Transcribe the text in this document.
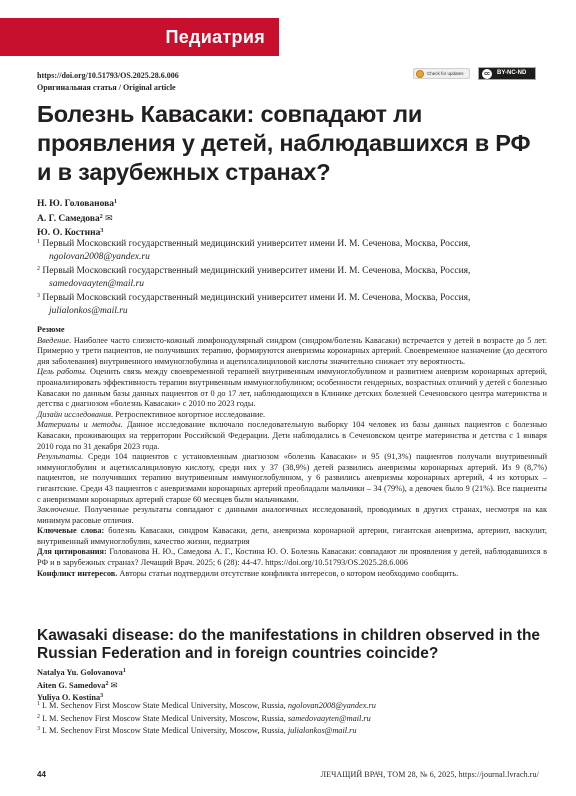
Педиатрия
https://doi.org/10.51793/OS.2025.28.6.006
Оригинальная статья / Original article
Check for updates	cc	BY-NC-ND
Болезнь Кавасаки: совпадают ли проявления у детей, наблюдавшихся в РФ и в зарубежных странах?
Н. Ю. Голованова$^1$
А. Г. Самедова$^2$ ✉
Ю. О. Костина$^3$
$^1$ Первый Московский государственный медицинский университет имени И. М. Сеченова, Москва, Россия,
ngolovan2008@yandex.ru
$^2$ Первый Московский государственный медицинский университет имени И. М. Сеченова, Москва, Россия,
samedovaayten@mail.ru
$^3$ Первый Московский государственный медицинский университет имени И. М. Сеченова, Москва, Россия,
julialonkos@mail.ru

Резюме

Введение. Наиболее часто слизисто-кожный лимфонодулярный синдром (синдром/болезнь Кавасаки) встречается у детей в возрасте до 5 лет. Примерно у трети пациентов, не получивших терапию, формируются аневризмы коронарных артерий. Своевременное назначение (до десятого дня заболевания) внутривенного иммуноглобулина и ацетилсалициловой кислоты значительно снижает эту вероятность.

Цель работы. Оценить связь между своевременной терапией внутривенным иммуноглобулином и развитием аневризм коронарных артерий, проанализировать эффективность терапии внутривенным иммуноглобулином; особенности гендерных, возрастных отличий у детей с болезнью Кавасаки по данным базы данных пациентов от 0 до 17 лет, наблюдающихся в Клинике детских болезней Сеченовского центра материнства и детства с диагнозом «болезнь Кавасаки» с 2010 по 2023 годы.

Дизайн исследования. Ретроспективное когортное исследование.

Материалы и методы. Данное исследование включало последовательную выборку 104 человек из базы данных пациентов с болезнью Кавасаки, проживающих на территории Российской Федерации. Дети наблюдались в Сеченовском центре материнства и детства с 1 января 2010 года по 31 декабря 2023 года.

Результаты. Среди 104 пациентов с установленным диагнозом «болезнь Кавасаки» и 95 (91,3%) пациентов получали внутривенный иммуноглобулин и ацетилсалициловую кислоту, среди них у 37 (38,9%) детей развились аневризмы коронарных артерий. Из 9 (8,7%) пациентов, не получивших терапию внутривенным иммуноглобулином, у 6 развились аневризмы коронарных артерий, 4 из которых – гигантские. Среди 43 пациентов с аневризмами коронарных артерий преобладали мальчики – 34 (79%), а девочек было 9 (21%). Все пациенты с аневризмами коронарных артерий старше 60 месяцев были мальчиками.

Заключение. Полученные результаты совпадают с данными аналогичных исследований, проводимых в других странах, несмотря на как минимум расовые отличия.

Ключевые слова: болезнь Кавасаки, синдром Кавасаки, дети, аневризма коронарной артерии, гигантская аневризма, артериит, васкулит, внутривенный иммуноглобулин, качество жизни, педиатрия

Для цитирования: Голованова Н. Ю., Самедова А. Г., Костина Ю. О. Болезнь Кавасаки: совпадают ли проявления у детей, наблюдавшихся в РФ и в зарубежных странах? Лечащий Врач. 2025; 6 (28): 44-47. https://doi.org/10.51793/OS.2025.28.6.006

Конфликт интересов. Авторы статьи подтвердили отсутствие конфликта интересов, о котором необходимо сообщить.

Kawasaki disease: do the manifestations in children observed in the Russian Federation and in foreign countries coincide?
Natalya Yu. Golovanova$^1$
Aiten G. Samedova$^2$ ✉
Yuliya O. Kostina$^3$
$^1$ I. M. Sechenov First Moscow State Medical University, Moscow, Russia, ngolovan2008@yandex.ru
$^2$ I. M. Sechenov First Moscow State Medical University, Moscow, Russia, samedovaayten@mail.ru
$^3$ I. M. Sechenov First Moscow State Medical University, Moscow, Russia, julialonkos@mail.ru
44	ЛЕЧАЩИЙ ВРАЧ, ТОМ 28, № 6, 2025, https://journal.lvrach.ru/
